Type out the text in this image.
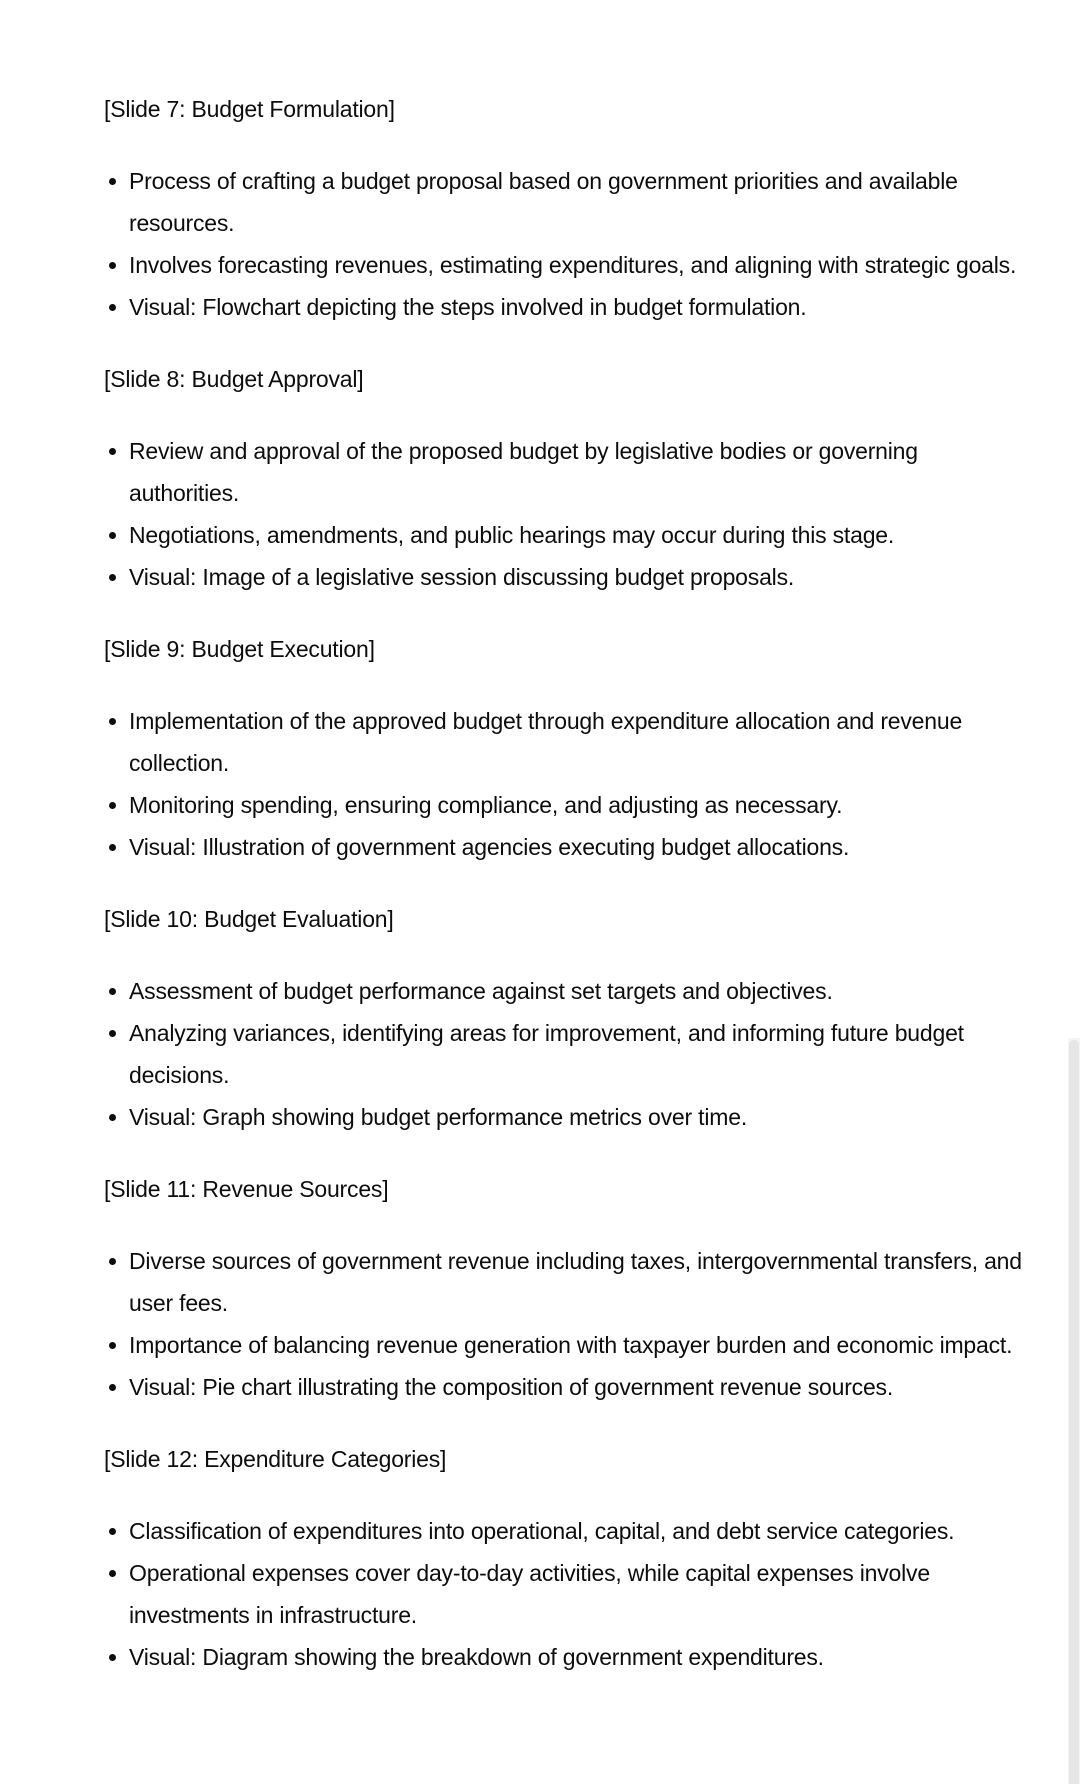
[Slide 7: Budget Formulation]

Process of crafting a budget proposal based on government priorities and available resources.
Involves forecasting revenues, estimating expenditures, and aligning with strategic goals.
Visual: Flowchart depicting the steps involved in budget formulation.

[Slide 8: Budget Approval]

Review and approval of the proposed budget by legislative bodies or governing authorities.
Negotiations, amendments, and public hearings may occur during this stage.
Visual: Image of a legislative session discussing budget proposals.

[Slide 9: Budget Execution]

Implementation of the approved budget through expenditure allocation and revenue collection.
Monitoring spending, ensuring compliance, and adjusting as necessary.
Visual: Illustration of government agencies executing budget allocations.

[Slide 10: Budget Evaluation]

Assessment of budget performance against set targets and objectives.
Analyzing variances, identifying areas for improvement, and informing future budget decisions.
Visual: Graph showing budget performance metrics over time.

[Slide 11: Revenue Sources]

Diverse sources of government revenue including taxes, intergovernmental transfers, and user fees.
Importance of balancing revenue generation with taxpayer burden and economic impact.
Visual: Pie chart illustrating the composition of government revenue sources.

[Slide 12: Expenditure Categories]

Classification of expenditures into operational, capital, and debt service categories.
Operational expenses cover day-to-day activities, while capital expenses involve investments in infrastructure.
Visual: Diagram showing the breakdown of government expenditures.
